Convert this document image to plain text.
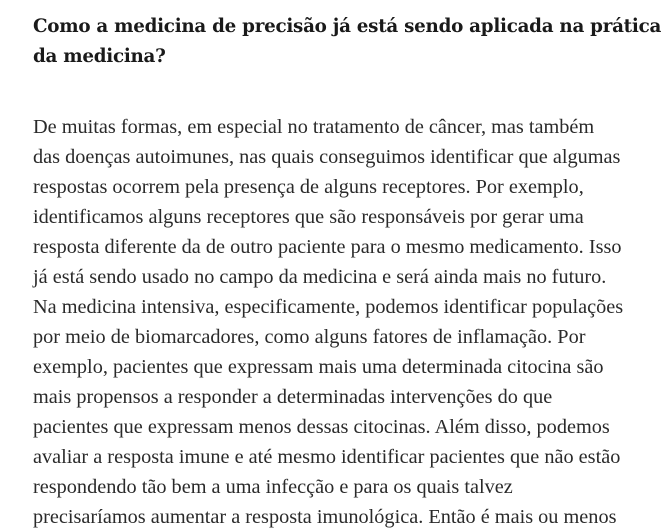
Como a medicina de precisão já está sendo aplicada na prática da medicina?

De muitas formas, em especial no tratamento de câncer, mas também
das doenças autoimunes, nas quais conseguimos identificar que algumas
respostas ocorrem pela presença de alguns receptores. Por exemplo,
identificamos alguns receptores que são responsáveis por gerar uma
resposta diferente da de outro paciente para o mesmo medicamento. Isso
já está sendo usado no campo da medicina e será ainda mais no futuro.
Na medicina intensiva, especificamente, podemos identificar populações
por meio de biomarcadores, como alguns fatores de inflamação. Por
exemplo, pacientes que expressam mais uma determinada citocina são
mais propensos a responder a determinadas intervenções do que
pacientes que expressam menos dessas citocinas. Além disso, podemos
avaliar a resposta imune e até mesmo identificar pacientes que não estão
respondendo tão bem a uma infecção e para os quais talvez
precisaríamos aumentar a resposta imunológica. Então é mais ou menos
